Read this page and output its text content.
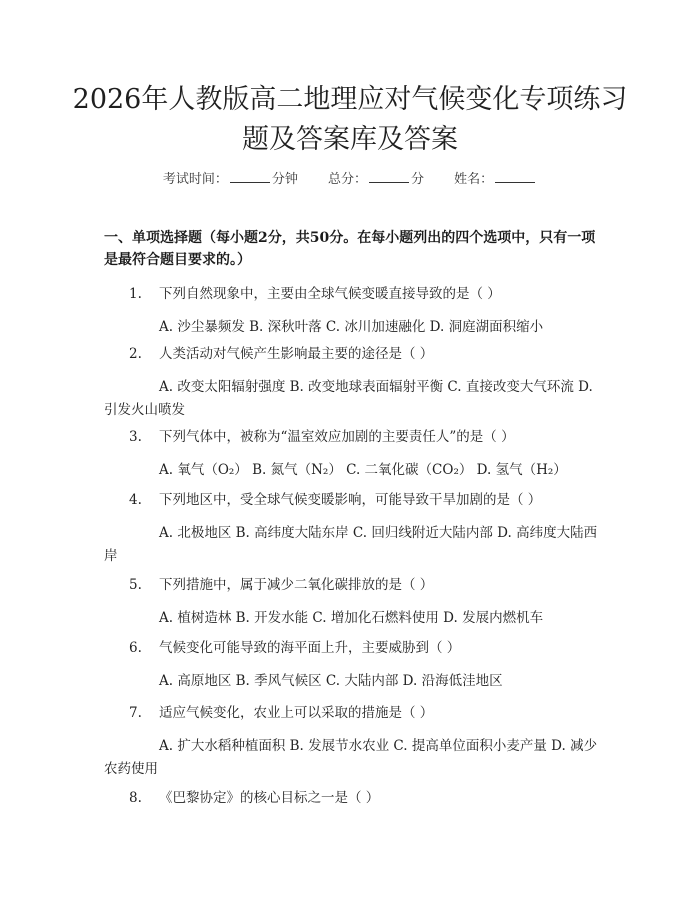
2026年人教版高二地理应对气候变化专项练习题及答案库及答案
考试时间：	分钟 总分：	分 姓名：
一、单项选择题（每小题2分，共50分。在每小题列出的四个选项中，只有一项是最符合题目要求的。）
1. 下列自然现象中，主要由全球气候变暖直接导致的是（ ）
A. 沙尘暴频发 B. 深秋叶落 C. 冰川加速融化 D. 洞庭湖面积缩小
2. 人类活动对气候产生影响最主要的途径是（ ）
A. 改变太阳辐射强度 B. 改变地球表面辐射平衡 C. 直接改变大气环流 D. 引发火山喷发
3. 下列气体中，被称为“温室效应加剧的主要责任人”的是（ ）
A. 氧气（O₂） B. 氮气（N₂） C. 二氧化碳（CO₂） D. 氢气（H₂）
4. 下列地区中，受全球气候变暖影响，可能导致干旱加剧的是（ ）
A. 北极地区 B. 高纬度大陆东岸 C. 回归线附近大陆内部 D. 高纬度大陆西岸
5. 下列措施中，属于减少二氧化碳排放的是（ ）
A. 植树造林 B. 开发水能 C. 增加化石燃料使用 D. 发展内燃机车
6. 气候变化可能导致的海平面上升，主要威胁到（ ）
A. 高原地区 B. 季风气候区 C. 大陆内部 D. 沿海低洼地区
7. 适应气候变化，农业上可以采取的措施是（ ）
A. 扩大水稻种植面积 B. 发展节水农业 C. 提高单位面积小麦产量 D. 减少农药使用
8. 《巴黎协定》的核心目标之一是（ ）
